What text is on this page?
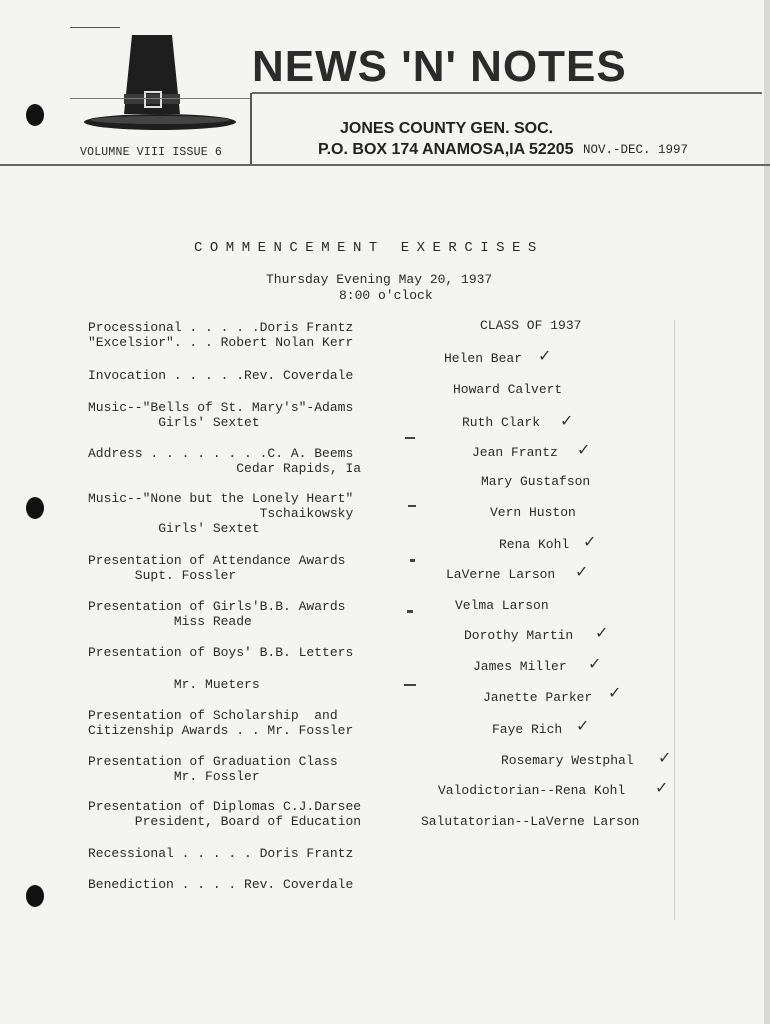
NEWS 'N' NOTES
JONES COUNTY GEN. SOC.
P.O. BOX 174 ANAMOSA,IA 52205 NOV.-DEC. 1997
VOLUMNE VIII ISSUE 6
COMMENCEMENT EXERCISES
Thursday Evening May 20, 1937
8:00 o'clock
Processional . . . . .Doris Frantz
"Excelsior". . . Robert Nolan Kerr
Invocation . . . . .Rev. Coverdale
Music--"Bells of St. Mary's"-Adams
Girls' Sextet
Address . . . . . . . .C. A. Beems
Cedar Rapids, Ia
Music--"None but the Lonely Heart"
Tschaikowsky
Girls' Sextet
Presentation of Attendance Awards
Supt. Fossler
Presentation of Girls'B.B. Awards
Miss Reade
Presentation of Boys' B.B. Letters
Mr. Mueters
Presentation of Scholarship  and
Citizenship Awards . . Mr. Fossler
Presentation of Graduation Class
Mr. Fossler
Presentation of Diplomas C.J.Darsee
President, Board of Education
Recessional . . . . . Doris Frantz
Benediction . . . . Rev. Coverdale
CLASS OF 1937
Helen Bear
Howard Calvert
Ruth Clark
Jean Frantz
Mary Gustafson
Vern Huston
Rena Kohl
LaVerne Larson
Velma Larson
Dorothy Martin
James Miller
Janette Parker
Faye Rich
Rosemary Westphal
Valodictorian--Rena Kohl
Salutatorian--LaVerne Larson
✓
✓
✓
✓
✓
✓
✓
✓
✓
✓
✓
